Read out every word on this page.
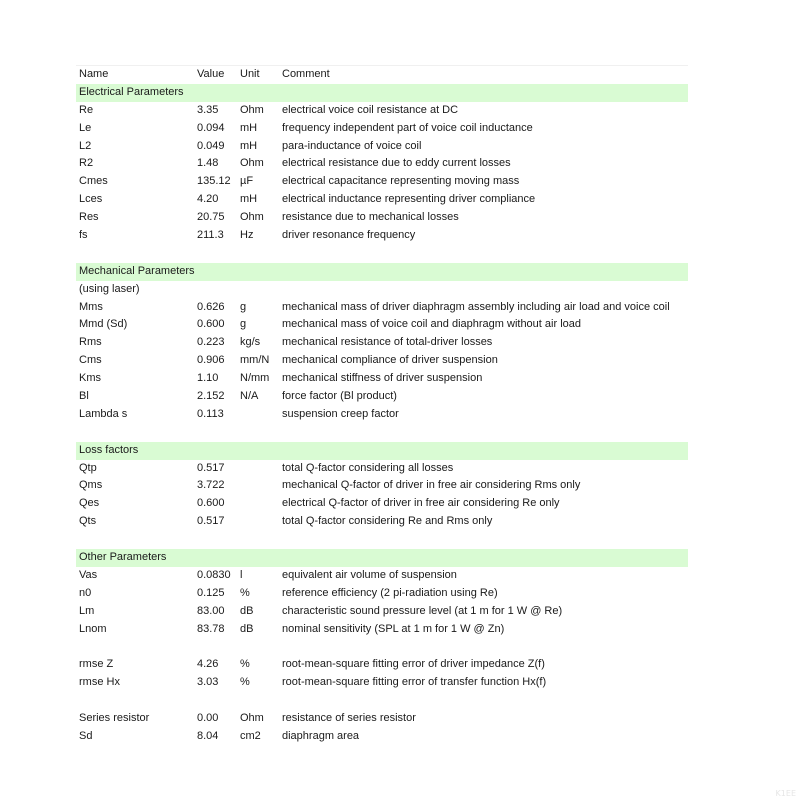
Name	Value	Unit	Comment
Electrical Parameters
Re	3.35	Ohm	electrical voice coil resistance at DC
Le	0.094	mH	frequency independent part of voice coil inductance
L2	0.049	mH	para-inductance of voice coil
R2	1.48	Ohm	electrical resistance due to eddy current losses
Cmes	135.12 µF	electrical capacitance representing moving mass
Lces	4.20	mH	electrical inductance representing driver compliance
Res	20.75	Ohm	resistance due to mechanical losses
fs	211.3	Hz	driver resonance frequency
Mechanical Parameters
(using laser)
Mms	0.626	g	mechanical mass of driver diaphragm assembly including air load and voice coil
Mmd (Sd)	0.600	g	mechanical mass of voice coil and diaphragm without air load
Rms	0.223	kg/s	mechanical resistance of total-driver losses
Cms	0.906	mm/N	mechanical compliance of driver suspension
Kms	1.10	N/mm	mechanical stiffness of driver suspension
Bl	2.152	N/A	force factor (Bl product)
Lambda s	0.113	suspension creep factor
Loss factors
Qtp	0.517	total Q-factor considering all losses
Qms	3.722	mechanical Q-factor of driver in free air considering Rms only
Qes	0.600	electrical Q-factor of driver in free air considering Re only
Qts	0.517	total Q-factor considering Re and Rms only
Other Parameters
Vas	0.0830 l	equivalent air volume of suspension
n0	0.125	%	reference efficiency (2 pi-radiation using Re)
Lm	83.00	dB	characteristic sound pressure level (at 1 m for 1 W @ Re)
Lnom	83.78	dB	nominal sensitivity (SPL at 1 m for 1 W @ Zn)
rmse Z	4.26	%	root-mean-square fitting error of driver impedance Z(f)
rmse Hx	3.03	%	root-mean-square fitting error of transfer function Hx(f)
Series resistor	0.00	Ohm	resistance of series resistor
Sd	8.04	cm2	diaphragm area
K1EE
